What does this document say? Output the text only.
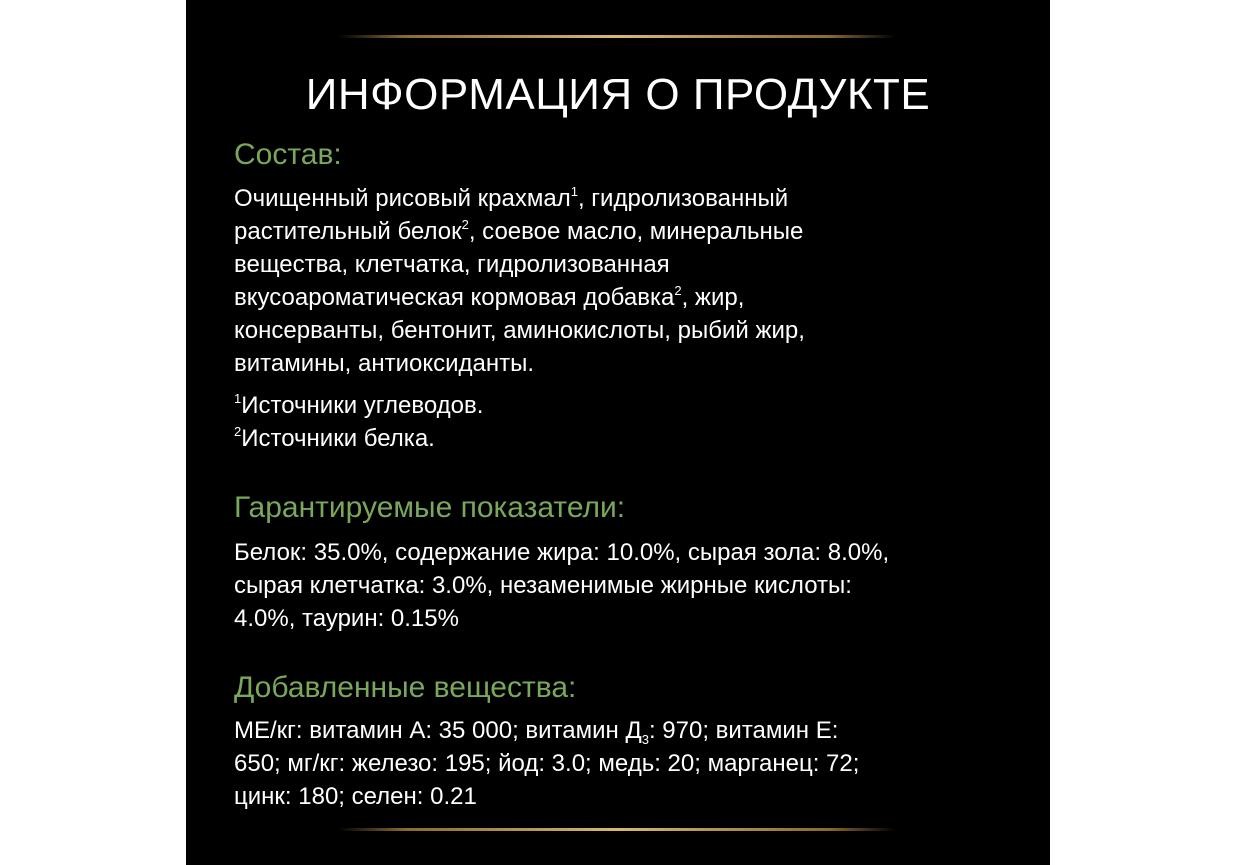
ИНФОРМАЦИЯ О ПРОДУКТЕ
Состав:
Очищенный рисовый крахмал$^1$, гидролизованный
растительный белок$^2$, соевое масло, минеральные
вещества, клетчатка, гидролизованная
вкусоароматическая кормовая добавка$^2$, жир,
консерванты, бентонит, аминокислоты, рыбий жир,
витамины, антиоксиданты.
$^1$Источники углеводов.
$^2$Источники белка.
Гарантируемые показатели:
Белок: 35.0%, содержание жира: 10.0%, сырая зола: 8.0%,
сырая клетчатка: 3.0%, незаменимые жирные кислоты:
4.0%, таурин: 0.15%
Добавленные вещества:
МЕ/кг: витамин А: 35 000; витамин $Д_3$: 970; витамин Е:
650; мг/кг: железо: 195; йод: 3.0; медь: 20; марганец: 72;
цинк: 180; селен: 0.21
